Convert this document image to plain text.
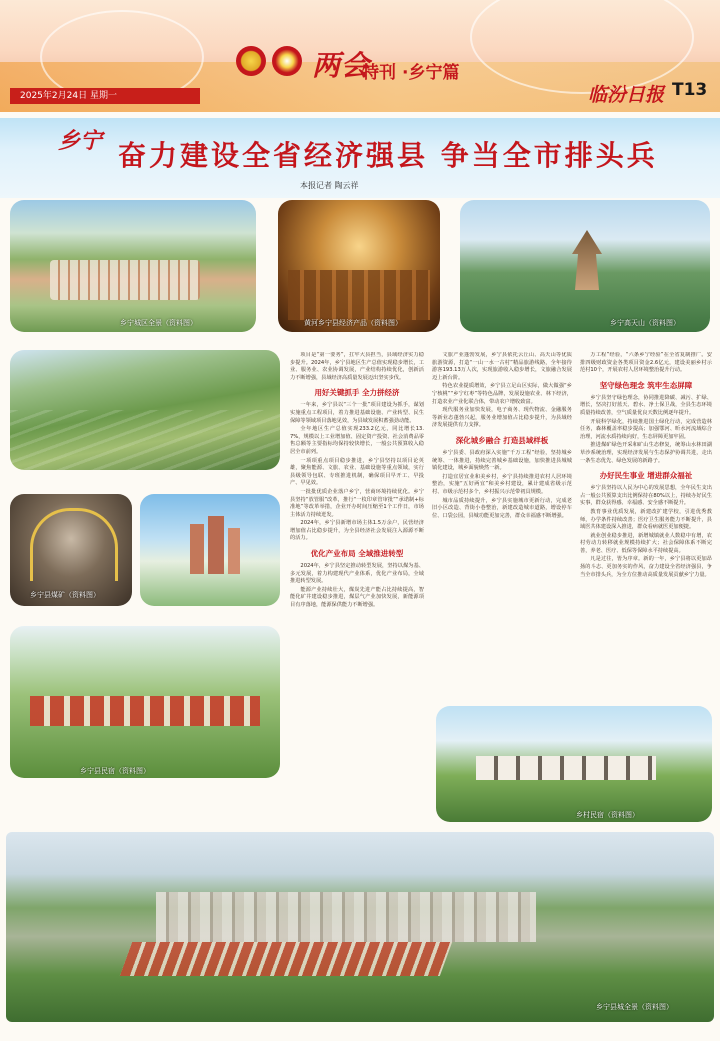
两会
特刊 ·乡宁篇
2025年2月24日 星期一	临汾日报 T13
乡宁 奋力建设全省经济强县 争当全市排头兵
本报记者 陶云祥
乡宁城区全景（资料图）	黄河乡宁县经济产品（资料图）	乡宁高天山（资料图）
乡宁县煤矿（资料图）
乡宁县民宿（资料图）
乡村民宿（资料图）
乡宁县城全景（资料图）

项目是“第一要务”，扛牢大县担当，县域经济实力稳步提升。2024年，乡宁县地区生产总值实现稳步增长，工业、服务业、农业协调发展，产业结构持续优化，创新活力不断增强，县域经济高质量发展迈出坚实步伐。

用好关键抓手 全力拼经济

一年来，乡宁县以“三个一批”项目建设为抓手，谋划实施重点工程项目，着力推进基础设施、产业转型、民生保障等领域项目落地见效，为县域发展积蓄强劲动能。

全年地区生产总值实现233.2亿元，同比增长13.7%，规模以上工业增加值、固定资产投资、社会消费品零售总额等主要指标均保持较快增长，一般公共预算收入稳居全市前列。

一项项重点项目稳步推进，乡宁县坚持以项目论英雄，聚焦能源、文旅、农业、基础设施等重点领域，实行县级领导包联、专班推进机制，确保项目早开工、早投产、早见效。

一批批优质企业落户乡宁，营商环境持续优化。乡宁县坚持“放管服”改革，推行“一枚印章管审批”“承诺制+标准地”等改革举措，企业开办时间压缩至1个工作日，市场主体活力持续迸发。

2024年，乡宁县新增市场主体1.5万余户，民营经济增加值占比稳步提升，为全县经济社会发展注入源源不断的活力。

优化产业布局 全域推进转型

2024年，乡宁县坚定推动转型发展，坚持以煤为基、多元发展，着力构建现代产业体系，优化产业布局，全域推进转型发展。

能源产业持续壮大，煤炭先进产能占比持续提高，智能化矿井建设稳步推进，煤层气产业加快发展，新能源项目有序落地，能源保供能力不断增强。

文旅产业蓬勃发展，乡宁县依托云丘山、高天山等优质旅游资源，打造“一山一水一古村”精品旅游线路，全年接待游客193.13万人次，实现旅游收入稳步增长，文旅融合发展迈上新台阶。

特色农业提质增效，乡宁县立足山区实际，做大做强“乡宁核桃”“乡宁红枣”等特色品牌，发展设施农业、林下经济，打造农业产业化联合体，带动农户增收致富。

现代服务业加快发展，电子商务、现代物流、金融服务等新业态蓬勃兴起，服务业增加值占比稳步提升，为县域经济发展提供有力支撑。

深化城乡融合 打造县域样板

乡宁县委、县政府深入实施“千万工程”经验，坚持城乡统筹、一体推进，持续完善城乡基础设施，加快推进县城城镇化建设，城乡面貌焕然一新。

打造宜居宜业和美乡村，乡宁县持续推进农村人居环境整治，实施“五好两宜”和美乡村建设，累计建成省级示范村、市级示范村多个，乡村振兴示范带初具规模。

城市品质持续提升，乡宁县实施城市更新行动，完成老旧小区改造、背街小巷整治，新建改造城市道路，增设停车位、口袋公园，县城功能更加完善，群众幸福感不断增强。

万工程”经验，“六条乡宁经验”在全省复制推广。安排四级财政资金各类项目资金2.6亿元，建设美丽乡村示范村10个，开展农村人居环境整治提升行动。

坚守绿色理念 筑牢生态屏障

乡宁县坚守绿色理念，协同推进降碳、减污、扩绿、增长，坚决打好蓝天、碧水、净土保卫战，全县生态环境质量持续改善，空气质量优良天数比例逐年提升。

开展科学绿化，持续推进国土绿化行动，完成营造林任务，森林覆盖率稳步提高；加强鄂河、昕水河流域综合治理，河流水质持续向好，生态屏障更加牢固。

推进煤矿绿色开采和矿山生态修复，统筹山水林田湖草沙系统治理，实现经济发展与生态保护协调共进，走出一条生态优先、绿色发展的新路子。

办好民生事业 增进群众福祉

乡宁县坚持以人民为中心的发展思想，全年民生支出占一般公共预算支出比例保持在80%以上，持续办好民生实事，群众获得感、幸福感、安全感不断提升。

教育事业优质发展，新建改扩建学校，引进优秀教师，办学条件持续改善；医疗卫生服务能力不断提升，县域医共体建设深入推进，群众看病就医更加便捷。

就业创业稳步推进，新增城镇就业人数稳中有增，农村劳动力转移就业规模持续扩大；社会保障体系不断完善，养老、医疗、低保等保障水平持续提高。

凡是过往，皆为序章。新的一年，乡宁县将以更加昂扬的斗志、更加务实的作风，奋力建设全省经济强县，争当全市排头兵，为全方位推动高质量发展贡献乡宁力量。
